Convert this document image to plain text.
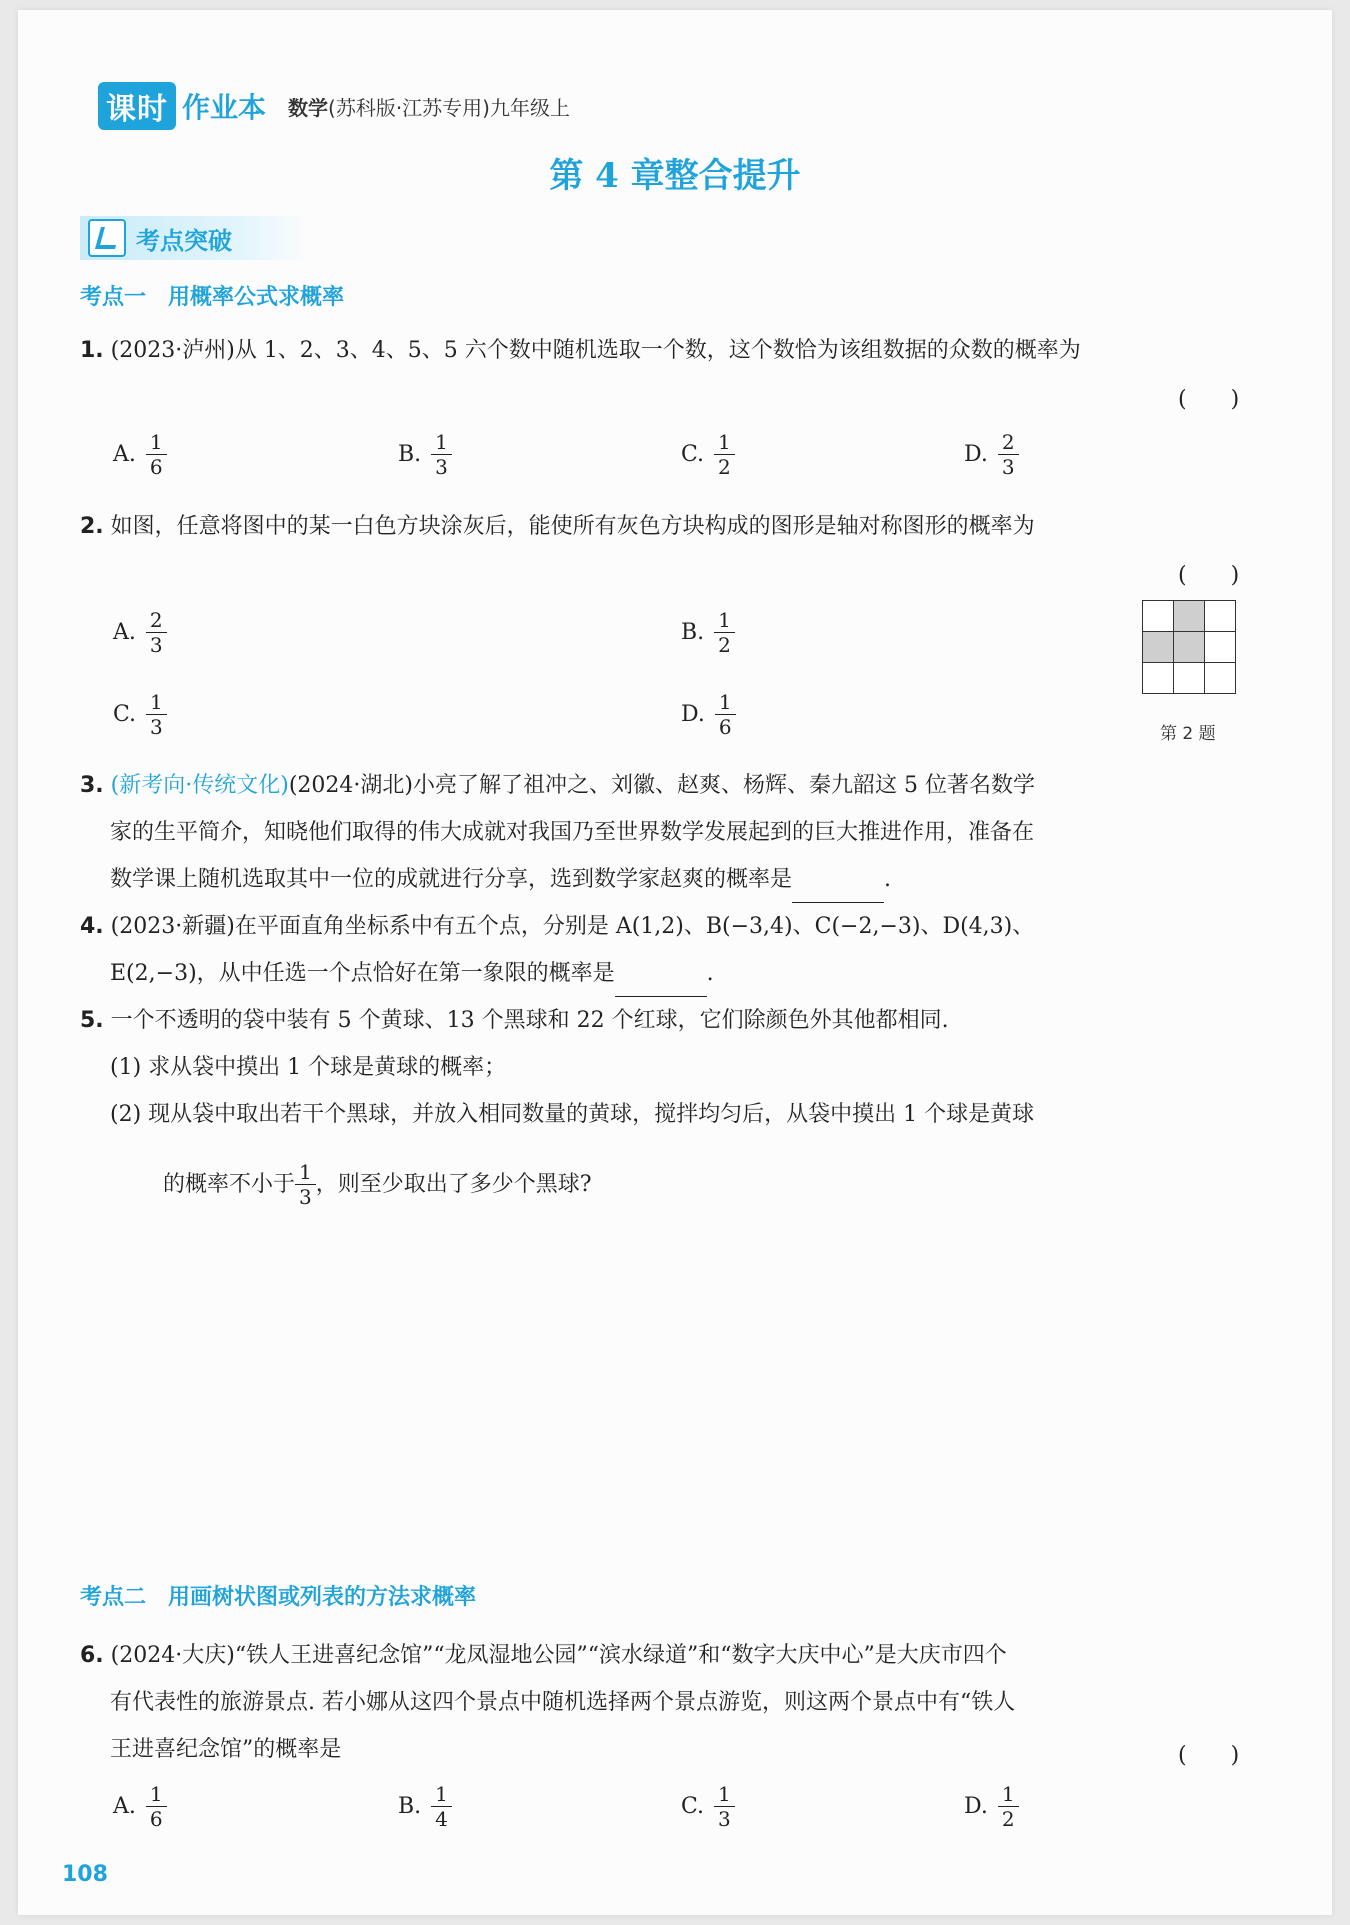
课时 作业本 数学(苏科版·江苏专用)九年级上
第 4 章整合提升
考点突破
考点一　用概率公式求概率
1. (2023·泸州)从 1、2、3、4、5、5 六个数中随机选取一个数，这个数恰为该组数据的众数的概率为
(　　)
A. $\frac{1}{6}$	B. $\frac{1}{3}$	C. $\frac{1}{2}$	D. $\frac{2}{3}$
2. 如图，任意将图中的某一白色方块涂灰后，能使所有灰色方块构成的图形是轴对称图形的概率为
(　　)
A. $\frac{2}{3}$	B. $\frac{1}{2}$
C. $\frac{1}{3}$	D. $\frac{1}{6}$	第 2 题
3. (新考向·传统文化)(2024·湖北)小亮了解了祖冲之、刘徽、赵爽、杨辉、秦九韶这 5 位著名数学
家的生平简介，知晓他们取得的伟大成就对我国乃至世界数学发展起到的巨大推进作用，准备在
数学课上随机选取其中一位的成就进行分享，选到数学家赵爽的概率是	.
4. (2023·新疆)在平面直角坐标系中有五个点，分别是 A(1,2)、B(−3,4)、C(−2,−3)、D(4,3)、
E(2,−3)，从中任选一个点恰好在第一象限的概率是	.
5. 一个不透明的袋中装有 5 个黄球、13 个黑球和 22 个红球，它们除颜色外其他都相同.
(1) 求从袋中摸出 1 个球是黄球的概率；
(2) 现从袋中取出若干个黑球，并放入相同数量的黄球，搅拌均匀后，从袋中摸出 1 个球是黄球
的概率不小于 $\frac{1}{3}$ ，则至少取出了多少个黑球?
考点二　用画树状图或列表的方法求概率
6. (2024·大庆)“铁人王进喜纪念馆”“龙凤湿地公园”“滨水绿道”和“数字大庆中心”是大庆市四个
有代表性的旅游景点. 若小娜从这四个景点中随机选择两个景点游览，则这两个景点中有“铁人
王进喜纪念馆”的概率是	(　　)
A. $\frac{1}{6}$	B. $\frac{1}{4}$	C. $\frac{1}{3}$	D. $\frac{1}{2}$
108
